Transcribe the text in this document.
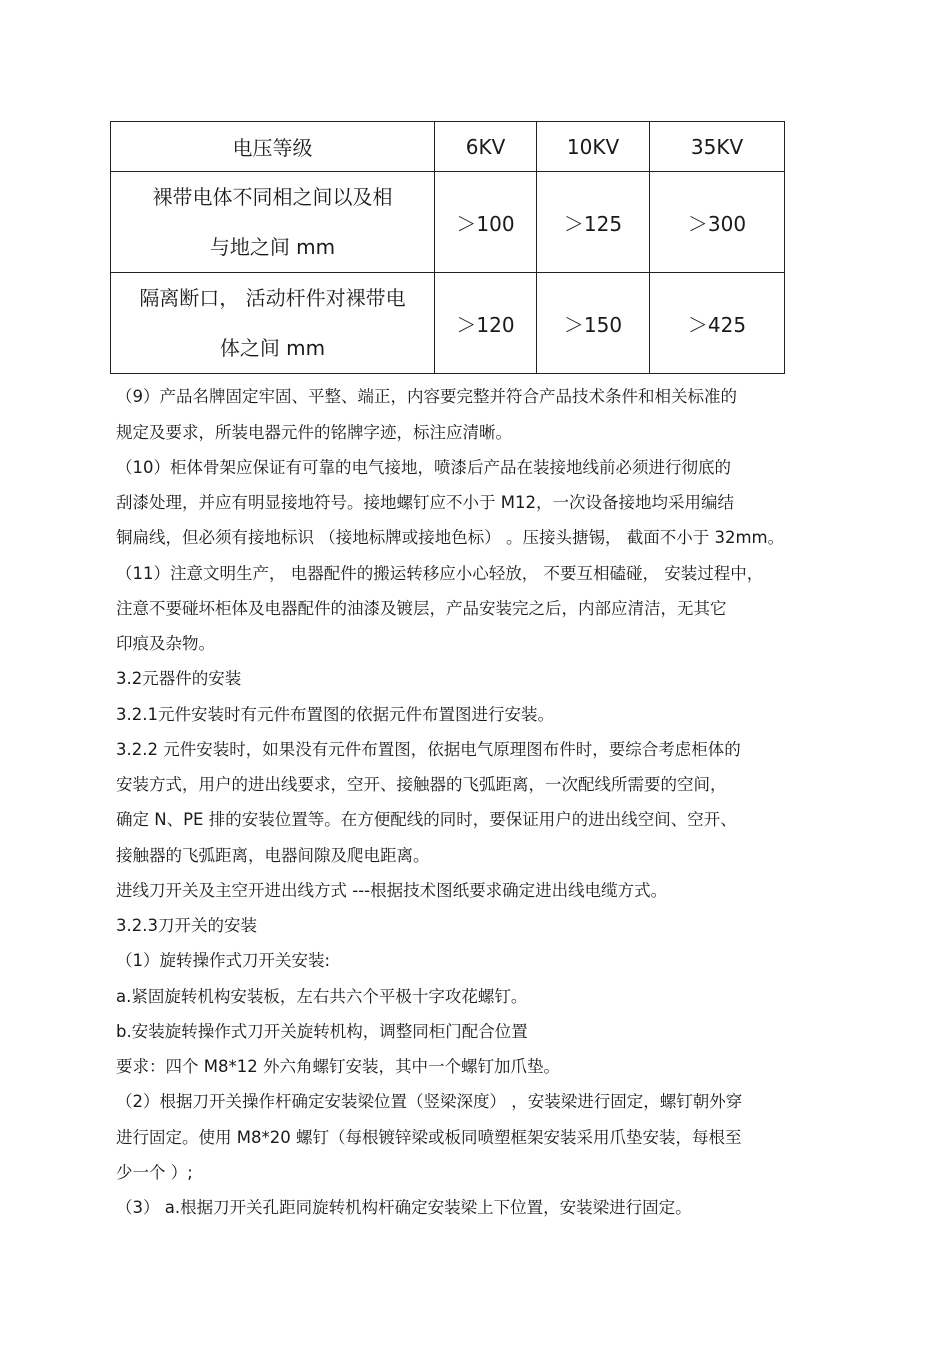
电压等级	6KV	10KV	35KV

裸带电体不同相之间以及相
与地之间 mm	＞100	＞125	＞300

隔离断口， 活动杆件对裸带电
体之间 mm	＞120	＞150	＞425
（9）产品名牌固定牢固、平整、端正，内容要完整并符合产品技术条件和相关标准的
规定及要求，所装电器元件的铭牌字迹，标注应清晰。
（10）柜体骨架应保证有可靠的电气接地，喷漆后产品在装接地线前必须进行彻底的
刮漆处理，并应有明显接地符号。接地螺钉应不小于 M12，一次设备接地均采用编结
铜扁线，但必须有接地标识 （接地标牌或接地色标） 。压接头搪锡， 截面不小于 32mm。
（11）注意文明生产， 电器配件的搬运转移应小心轻放， 不要互相磕碰， 安装过程中，
注意不要碰坏柜体及电器配件的油漆及镀层，产品安装完之后，内部应清洁，无其它
印痕及杂物。
3.2元器件的安装
3.2.1元件安装时有元件布置图的依据元件布置图进行安装。
3.2.2 元件安装时，如果没有元件布置图，依据电气原理图布件时，要综合考虑柜体的
安装方式，用户的进出线要求，空开、接触器的飞弧距离，一次配线所需要的空间，
确定 N、PE 排的安装位置等。在方便配线的同时，要保证用户的进出线空间、空开、
接触器的飞弧距离，电器间隙及爬电距离。
进线刀开关及主空开进出线方式 ---根据技术图纸要求确定进出线电缆方式。
3.2.3刀开关的安装
（1）旋转操作式刀开关安装:
a.紧固旋转机构安装板，左右共六个平极十字攻花螺钉。
b.安装旋转操作式刀开关旋转机构，调整同柜门配合位置
要求：四个 M8*12 外六角螺钉安装，其中一个螺钉加爪垫。
（2）根据刀开关操作杆确定安装梁位置（竖梁深度） ，安装梁进行固定，螺钉朝外穿
进行固定。使用 M8*20 螺钉（每根镀锌梁或板同喷塑框架安装采用爪垫安装，每根至
少一个 ）;
（3） a.根据刀开关孔距同旋转机构杆确定安装梁上下位置，安装梁进行固定。
